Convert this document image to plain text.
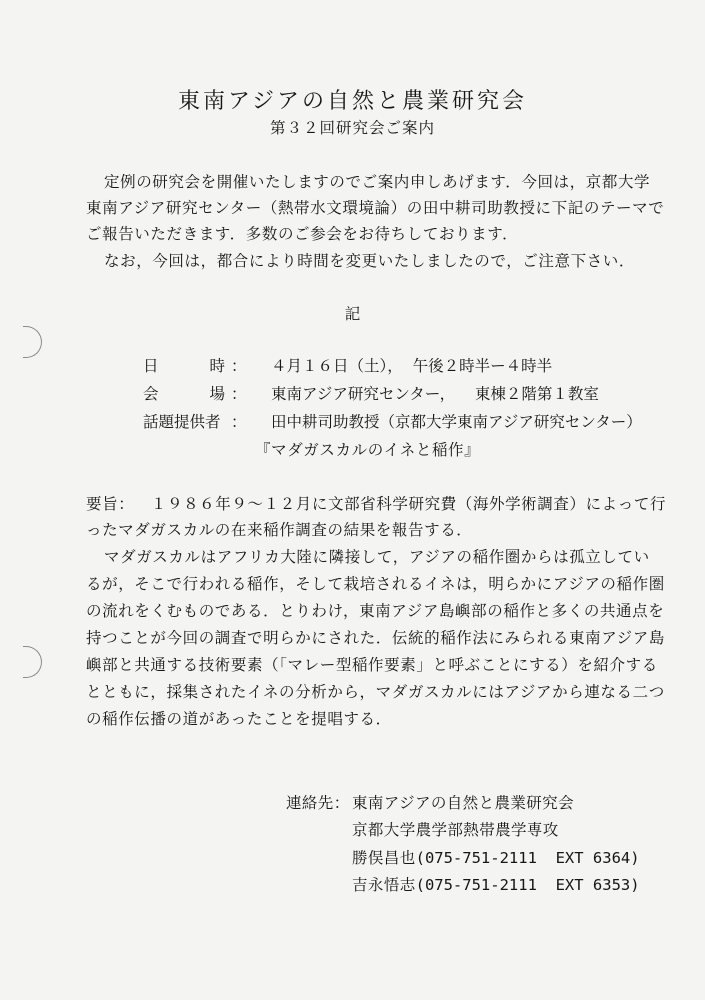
東南アジアの自然と農業研究会
第３２回研究会ご案内
定例の研究会を開催いたしますのでご案内申しあげます．今回は，京都大学
東南アジア研究センター（熱帯水文環境論）の田中耕司助教授に下記のテーマで
ご報告いただきます．多数のご参会をお待ちしております．
なお，今回は，都合により時間を変更いたしましたので，ご注意下さい．
記
日	時 ： ４月１６日（土），  午後２時半ー４時半
会	場 ： 東南アジア研究センター，    東棟２階第１教室
話題提供者 ： 田中耕司助教授（京都大学東南アジア研究センター）
『マダガスカルのイネと稲作』
要旨：   １９８６年９～１２月に文部省科学研究費（海外学術調査）によって行
ったマダガスカルの在来稲作調査の結果を報告する．
マダガスカルはアフリカ大陸に隣接して，アジアの稲作圏からは孤立してい
るが，そこで行われる稲作，そして栽培されるイネは，明らかにアジアの稲作圏
の流れをくむものである．とりわけ，東南アジア島嶼部の稲作と多くの共通点を
持つことが今回の調査で明らかにされた．伝統的稲作法にみられる東南アジア島
嶼部と共通する技術要素（「マレー型稲作要素」と呼ぶことにする）を紹介する
とともに，採集されたイネの分析から，マダガスカルにはアジアから連なる二つ
の稲作伝播の道があったことを提唱する．
連絡先： 東南アジアの自然と農業研究会
京都大学農学部熱帯農学専攻
勝俣昌也(075-751-2111  EXT 6364)
吉永悟志(075-751-2111  EXT 6353)
